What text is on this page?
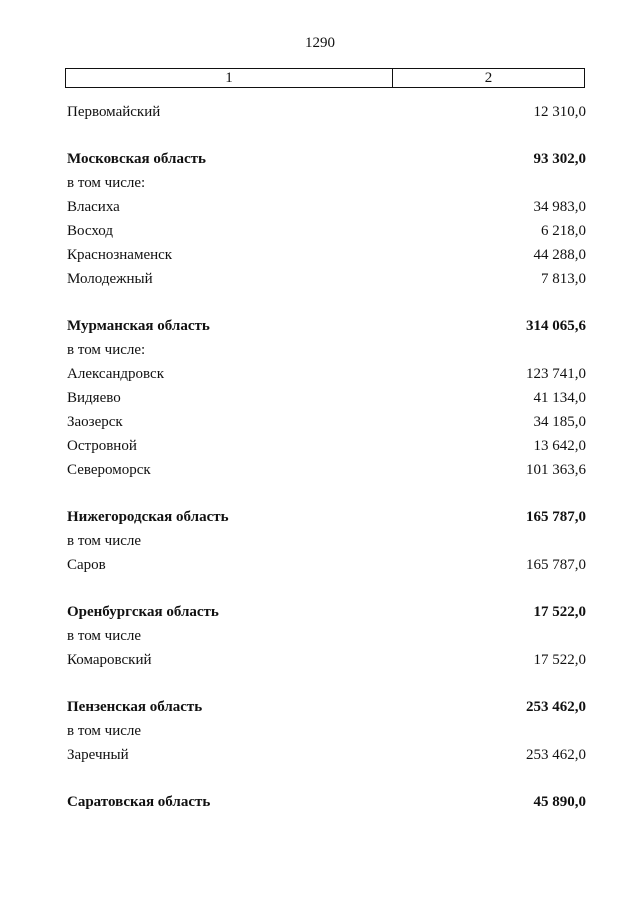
1290
1	2
Первомайский	12 310,0
Московская область	93 302,0
в том числе:
Власиха	34 983,0
Восход	6 218,0
Краснознаменск	44 288,0
Молодежный	7 813,0
Мурманская область	314 065,6
в том числе:
Александровск	123 741,0
Видяево	41 134,0
Заозерск	34 185,0
Островной	13 642,0
Североморск	101 363,6
Нижегородская область	165 787,0
в том числе
Саров	165 787,0
Оренбургская область	17 522,0
в том числе
Комаровский	17 522,0
Пензенская область	253 462,0
в том числе
Заречный	253 462,0
Саратовская область	45 890,0
